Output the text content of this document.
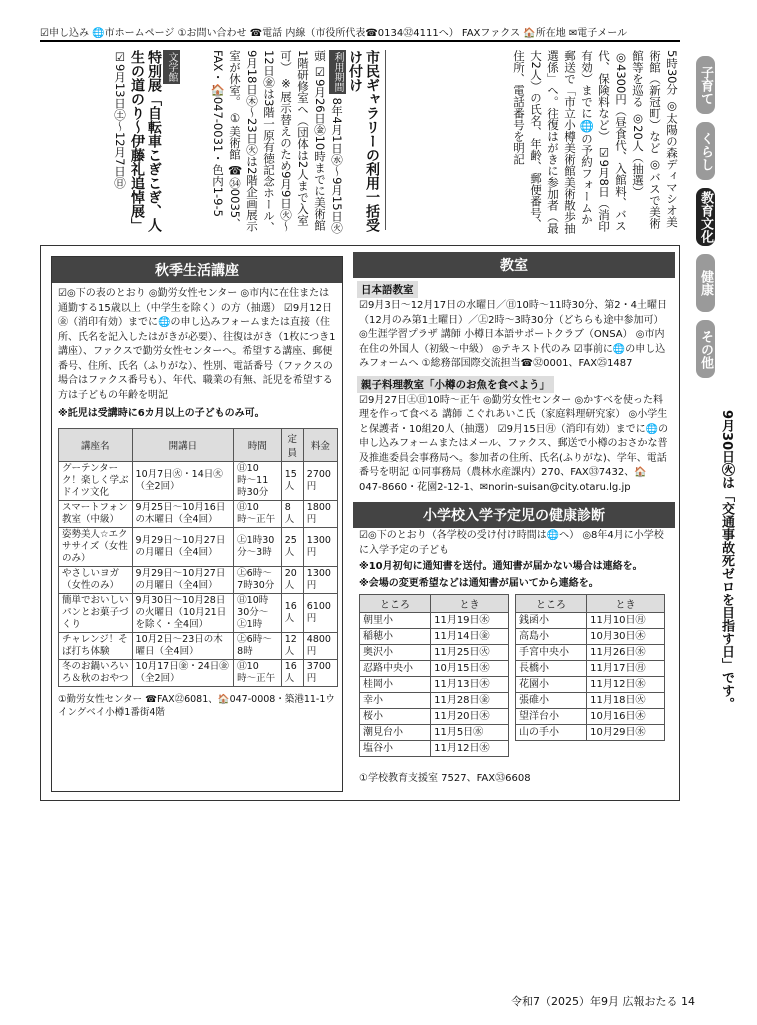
☑申し込み 🌐市ホームページ ①お問い合わせ ☎電話 内線（市役所代表☎0134㉜4111へ） FAXファクス 🏠所在地 ✉電子メール
5時30分 ◎太陽の森ディマシオ美術館（新冠町）など ◎バスで美術館等を巡る ◎20人（抽選） ◎4300円（昼食代、入館料、バス代、保険料など） ☑9月8日（消印有効）までに🌐の予約フォームか郵送で「市立小樽美術館美術散歩抽選係」へ。往復はがきに参加者（最大2人）の氏名、年齢、郵便番号、住所、電話番号を明記
市民ギャラリーの利用一括受け付け
利用期間 8年4月1日㊌〜9月15日㊋ 頭 ☑9月26日㊎10時までに美術館1階研修室へ（団体は2人まで入室可） ※展示替えのため9月9日㊋〜12日㊎は3階一原有徳記念ホール、9月18日㊍〜23日㊋は2階企画展示室が休室。 ①美術館 ☎㉞0035、FAX・🏠047-0031・色内1-9-5
文学館
特別展「自転車こぎこぎ、人生の道のり〜伊藤礼追悼展」
☑9月13日㊏〜12月7日㊐	子育て
くらし
教育文化
健康
その他
9月30日㊋は「交通事故死ゼロを目指す日」です。
秋季生活講座
☑◎下の表のとおり ◎勤労女性センター ◎市内に在住または通勤する15歳以上（中学生を除く）の方（抽選） ☑9月12日㊎（消印有効）までに🌐の申し込みフォームまたは直接（住所、氏名を記入したはがきが必要）、往復はがき（1枚につき1講座）、ファクスで勤労女性センターへ。希望する講座、郵便番号、住所、氏名（ふりがな）、性別、電話番号（ファクスの場合はファクス番号も）、年代、職業の有無、託児を希望する方は子どもの年齢を明記
※託児は受講時に6カ月以上の子どものみ可。
講座名	開講日	時間	定員	料金
グーテンターク！楽しく学ぶドイツ文化	10月7日㊋・14日㊋（全2回）	㊐10時〜11時30分	15人	2700円
スマートフォン教室（中級）	9月25日〜10月16日の木曜日（全4回）	㊐10時〜正午	8人	1800円
姿勢美人☆エクササイズ（女性のみ）	9月29日〜10月27日の月曜日（全4回）	㊤1時30分〜3時	25人	1300円
やさしいヨガ（女性のみ）	9月29日〜10月27日の月曜日（全4回）	㊤6時〜7時30分	20人	1300円
簡単でおいしいパンとお菓子づくり	9月30日〜10月28日の火曜日（10月21日を除く・全4回）	㊐10時30分〜㊤1時	16人	6100円
チャレンジ！そば打ち体験	10月2日〜23日の木曜日（全4回）	㊤6時〜8時	12人	4800円
冬のお鍋いろいろ＆秋のおやつ	10月17日㊎・24日㊎（全2回）	㊐10時〜正午	16人	3700円
①勤労女性センター ☎FAX㉒6081、🏠047-0008・築港11-1ウイングベイ小樽1番街4階
教室
日本語教室
☑9月3日〜12月17日の水曜日／㊐10時〜11時30分、第2・4土曜日（12月のみ第1土曜日）／㊤2時〜3時30分（どちらも途中参加可） ◎生涯学習プラザ 講師 小樽日本語サポートクラブ（ONSA） ◎市内在住の外国人（初級〜中級） ◎テキスト代のみ ☑事前に🌐の申し込みフォームへ ①総務部国際交流担当☎㉜0001、FAX㉕1487
親子料理教室「小樽のお魚を食べよう」
☑9月27日㊏㊐10時〜正午 ◎勤労女性センター ◎かすべを使った料理を作って食べる 講師 こぐれあいこ氏（家庭料理研究家） ◎小学生と保護者・10組20人（抽選） ☑9月15日㊊（消印有効）までに🌐の申し込みフォームまたはメール、ファクス、郵送で小樽のおさかな普及推進委員会事務局へ。参加者の住所、氏名(ふりがな)、学年、電話番号を明記 ①同事務局（農林水産課内）270、FAX㉝7432、🏠047-8660・花園2-12-1、✉norin-suisan@city.otaru.lg.jp
小学校入学予定児の健康診断
☑◎下のとおり（各学校の受け付け時間は🌐へ） ◎8年4月に小学校に入学予定の子ども
※10月初旬に通知書を送付。通知書が届かない場合は連絡を。
※会場の変更希望などは通知書が届いてから連絡を。
ところ	とき
朝里小	11月19日㊌
稲穂小	11月14日㊎
奥沢小	11月25日㊋
忍路中央小	10月15日㊌
桂岡小	11月13日㊍
幸小	11月28日㊎
桜小	11月20日㊍
潮見台小	11月5日㊌
塩谷小	11月12日㊌
ところ	とき
銭函小	11月10日㊊
高島小	10月30日㊍
手宮中央小	11月26日㊌
長橋小	11月17日㊊
花園小	11月12日㊌
張碓小	11月18日㊋
望洋台小	10月16日㊍
山の手小	10月29日㊌
①学校教育支援室 7527、FAX㉝6608
令和7（2025）年9月 広報おたる 14
